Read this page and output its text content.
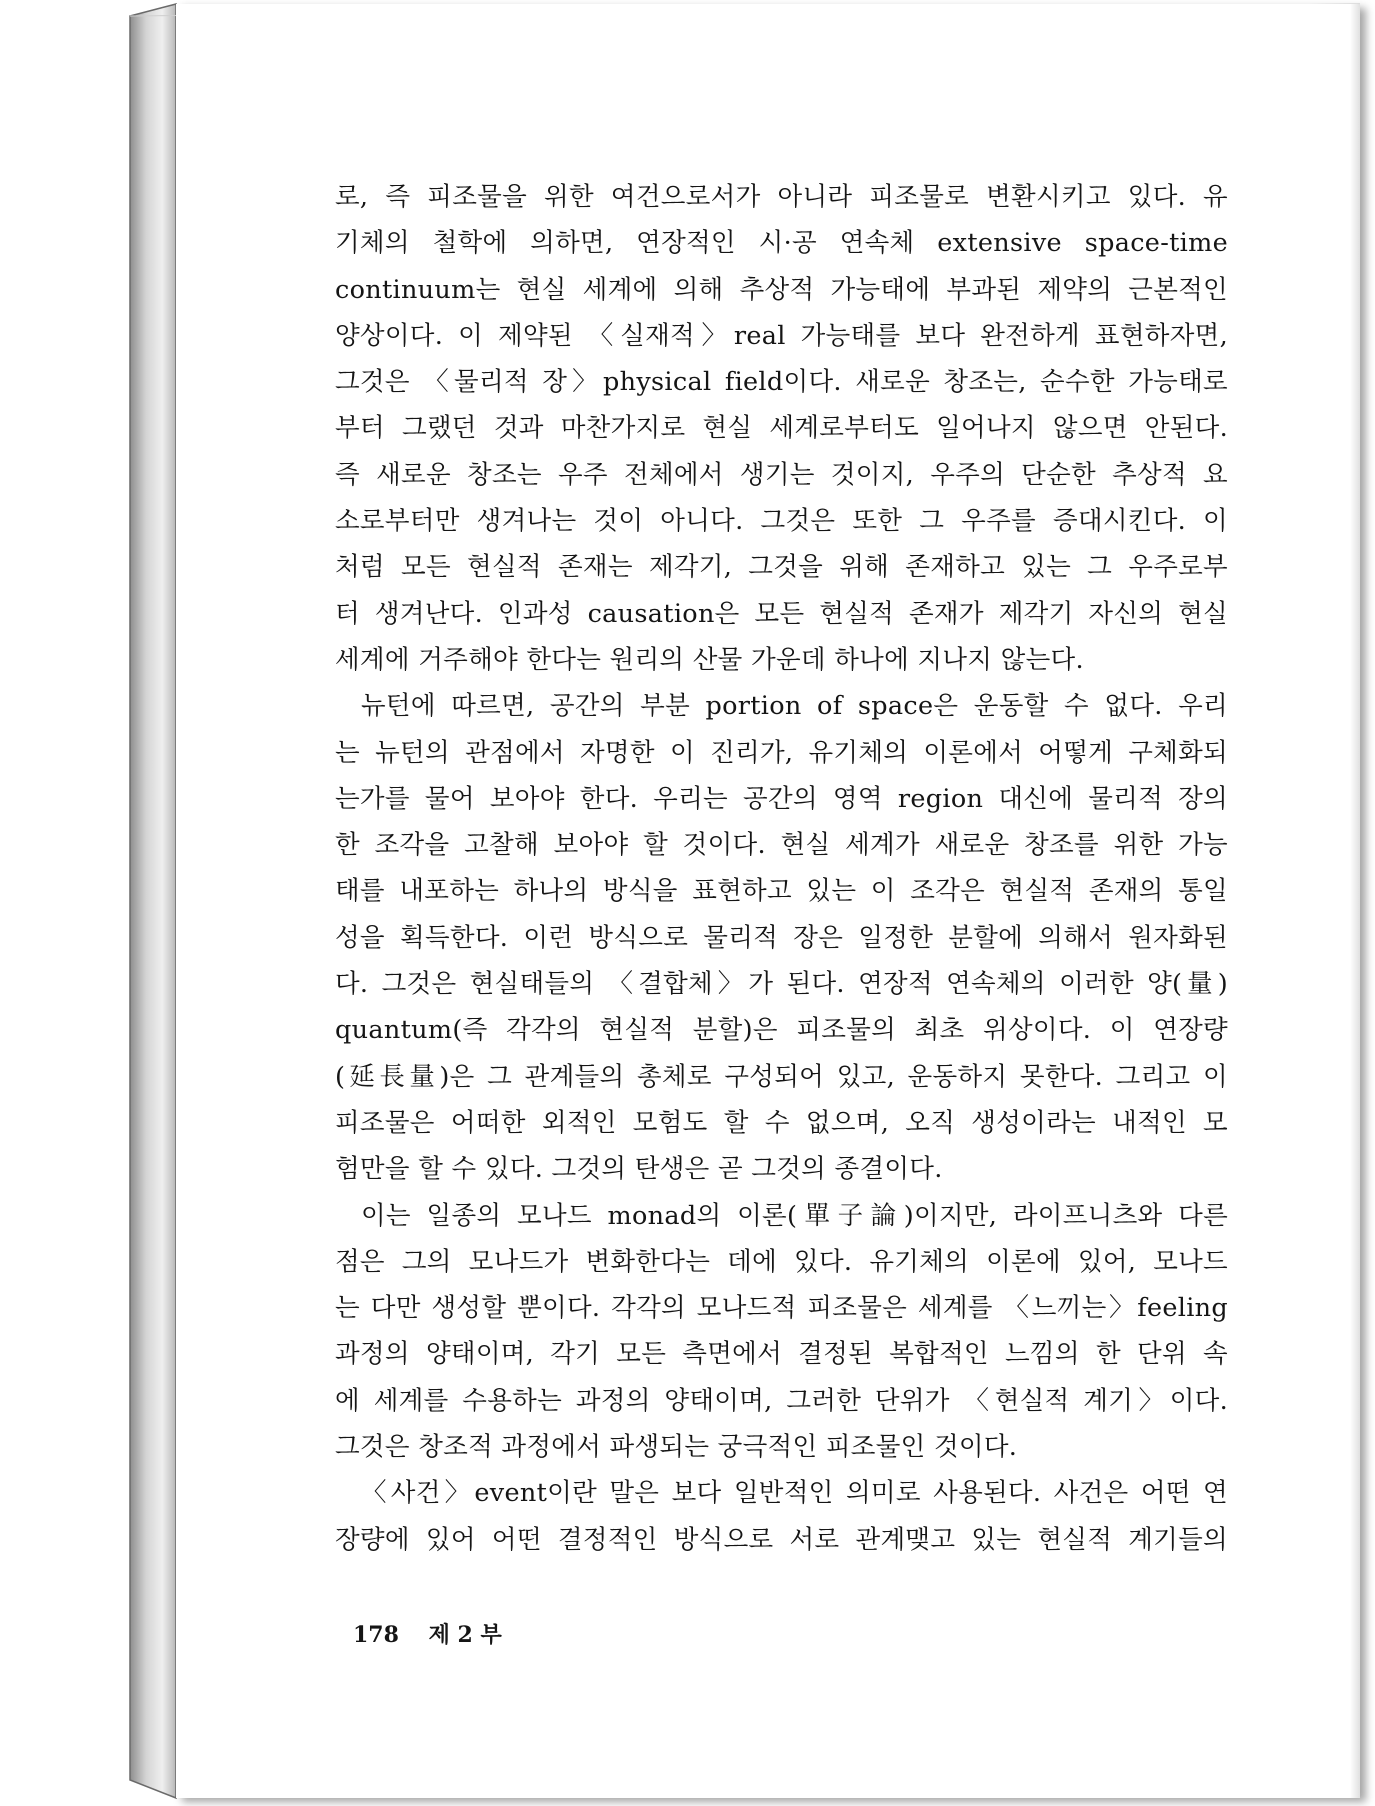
로, 즉 피조물을 위한 여건으로서가 아니라 피조물로 변환시키고 있다. 유
기체의 철학에 의하면, 연장적인 시·공 연속체 extensive space-time
continuum는 현실 세계에 의해 추상적 가능태에 부과된 제약의 근본적인
양상이다. 이 제약된 〈실재적〉real 가능태를 보다 완전하게 표현하자면,
그것은 〈물리적 장〉physical field이다. 새로운 창조는, 순수한 가능태로
부터 그랬던 것과 마찬가지로 현실 세계로부터도 일어나지 않으면 안된다.
즉 새로운 창조는 우주 전체에서 생기는 것이지, 우주의 단순한 추상적 요
소로부터만 생겨나는 것이 아니다. 그것은 또한 그 우주를 증대시킨다. 이
처럼 모든 현실적 존재는 제각기, 그것을 위해 존재하고 있는 그 우주로부
터 생겨난다. 인과성 causation은 모든 현실적 존재가 제각기 자신의 현실
세계에 거주해야 한다는 원리의 산물 가운데 하나에 지나지 않는다.
뉴턴에 따르면, 공간의 부분 portion of space은 운동할 수 없다. 우리
는 뉴턴의 관점에서 자명한 이 진리가, 유기체의 이론에서 어떻게 구체화되
는가를 물어 보아야 한다. 우리는 공간의 영역 region 대신에 물리적 장의
한 조각을 고찰해 보아야 할 것이다. 현실 세계가 새로운 창조를 위한 가능
태를 내포하는 하나의 방식을 표현하고 있는 이 조각은 현실적 존재의 통일
성을 획득한다. 이런 방식으로 물리적 장은 일정한 분할에 의해서 원자화된
다. 그것은 현실태들의 〈결합체〉가 된다. 연장적 연속체의 이러한 양(量)
quantum(즉 각각의 현실적 분할)은 피조물의 최초 위상이다. 이 연장량
(延長量)은 그 관계들의 총체로 구성되어 있고, 운동하지 못한다. 그리고 이
피조물은 어떠한 외적인 모험도 할 수 없으며, 오직 생성이라는 내적인 모
험만을 할 수 있다. 그것의 탄생은 곧 그것의 종결이다.
이는 일종의 모나드 monad의 이론(單子論)이지만, 라이프니츠와 다른
점은 그의 모나드가 변화한다는 데에 있다. 유기체의 이론에 있어, 모나드
는 다만 생성할 뿐이다. 각각의 모나드적 피조물은 세계를 〈느끼는〉feeling
과정의 양태이며, 각기 모든 측면에서 결정된 복합적인 느낌의 한 단위 속
에 세계를 수용하는 과정의 양태이며, 그러한 단위가 〈현실적 계기〉이다.
그것은 창조적 과정에서 파생되는 궁극적인 피조물인 것이다.
〈사건〉event이란 말은 보다 일반적인 의미로 사용된다. 사건은 어떤 연
장량에 있어 어떤 결정적인 방식으로 서로 관계맺고 있는 현실적 계기들의
178 제 2 부
